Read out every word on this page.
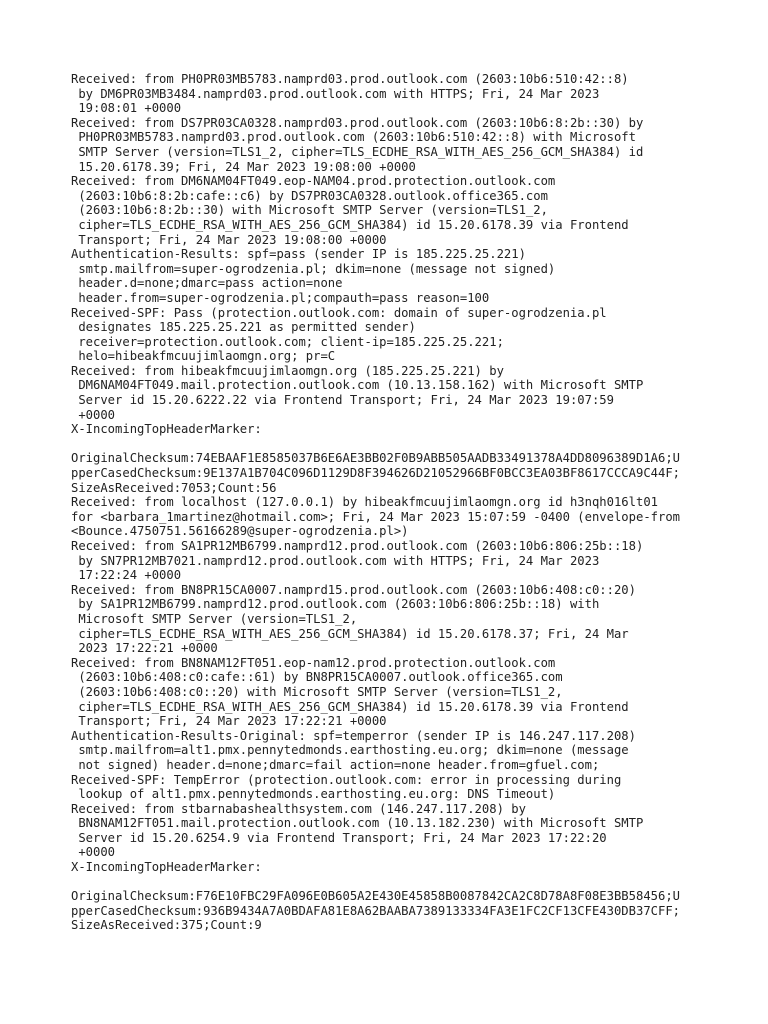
Received: from PH0PR03MB5783.namprd03.prod.outlook.com (2603:10b6:510:42::8)
by DM6PR03MB3484.namprd03.prod.outlook.com with HTTPS; Fri, 24 Mar 2023
19:08:01 +0000
Received: from DS7PR03CA0328.namprd03.prod.outlook.com (2603:10b6:8:2b::30) by
PH0PR03MB5783.namprd03.prod.outlook.com (2603:10b6:510:42::8) with Microsoft
SMTP Server (version=TLS1_2, cipher=TLS_ECDHE_RSA_WITH_AES_256_GCM_SHA384) id
15.20.6178.39; Fri, 24 Mar 2023 19:08:00 +0000
Received: from DM6NAM04FT049.eop-NAM04.prod.protection.outlook.com
(2603:10b6:8:2b:cafe::c6) by DS7PR03CA0328.outlook.office365.com
(2603:10b6:8:2b::30) with Microsoft SMTP Server (version=TLS1_2,
cipher=TLS_ECDHE_RSA_WITH_AES_256_GCM_SHA384) id 15.20.6178.39 via Frontend
Transport; Fri, 24 Mar 2023 19:08:00 +0000
Authentication-Results: spf=pass (sender IP is 185.225.25.221)
smtp.mailfrom=super-ogrodzenia.pl; dkim=none (message not signed)
header.d=none;dmarc=pass action=none
header.from=super-ogrodzenia.pl;compauth=pass reason=100
Received-SPF: Pass (protection.outlook.com: domain of super-ogrodzenia.pl
designates 185.225.25.221 as permitted sender)
receiver=protection.outlook.com; client-ip=185.225.25.221;
helo=hibeakfmcuujimlaomgn.org; pr=C
Received: from hibeakfmcuujimlaomgn.org (185.225.25.221) by
DM6NAM04FT049.mail.protection.outlook.com (10.13.158.162) with Microsoft SMTP
Server id 15.20.6222.22 via Frontend Transport; Fri, 24 Mar 2023 19:07:59
+0000
X-IncomingTopHeaderMarker:
OriginalChecksum:74EBAAF1E8585037B6E6AE3BB02F0B9ABB505AADB33491378A4DD8096389D1A6;U
pperCasedChecksum:9E137A1B704C096D1129D8F394626D21052966BF0BCC3EA03BF8617CCCA9C44F;
SizeAsReceived:7053;Count:56
Received: from localhost (127.0.0.1) by hibeakfmcuujimlaomgn.org id h3nqh016lt01
for <barbara_1martinez@hotmail.com>; Fri, 24 Mar 2023 15:07:59 -0400 (envelope-from
<Bounce.4750751.56166289@super-ogrodzenia.pl>)
Received: from SA1PR12MB6799.namprd12.prod.outlook.com (2603:10b6:806:25b::18)
by SN7PR12MB7021.namprd12.prod.outlook.com with HTTPS; Fri, 24 Mar 2023
17:22:24 +0000
Received: from BN8PR15CA0007.namprd15.prod.outlook.com (2603:10b6:408:c0::20)
by SA1PR12MB6799.namprd12.prod.outlook.com (2603:10b6:806:25b::18) with
Microsoft SMTP Server (version=TLS1_2,
cipher=TLS_ECDHE_RSA_WITH_AES_256_GCM_SHA384) id 15.20.6178.37; Fri, 24 Mar
2023 17:22:21 +0000
Received: from BN8NAM12FT051.eop-nam12.prod.protection.outlook.com
(2603:10b6:408:c0:cafe::61) by BN8PR15CA0007.outlook.office365.com
(2603:10b6:408:c0::20) with Microsoft SMTP Server (version=TLS1_2,
cipher=TLS_ECDHE_RSA_WITH_AES_256_GCM_SHA384) id 15.20.6178.39 via Frontend
Transport; Fri, 24 Mar 2023 17:22:21 +0000
Authentication-Results-Original: spf=temperror (sender IP is 146.247.117.208)
smtp.mailfrom=alt1.pmx.pennytedmonds.earthosting.eu.org; dkim=none (message
not signed) header.d=none;dmarc=fail action=none header.from=gfuel.com;
Received-SPF: TempError (protection.outlook.com: error in processing during
lookup of alt1.pmx.pennytedmonds.earthosting.eu.org: DNS Timeout)
Received: from stbarnabashealthsystem.com (146.247.117.208) by
BN8NAM12FT051.mail.protection.outlook.com (10.13.182.230) with Microsoft SMTP
Server id 15.20.6254.9 via Frontend Transport; Fri, 24 Mar 2023 17:22:20
+0000
X-IncomingTopHeaderMarker:
OriginalChecksum:F76E10FBC29FA096E0B605A2E430E45858B0087842CA2C8D78A8F08E3BB58456;U
pperCasedChecksum:936B9434A7A0BDAFA81E8A62BAABA7389133334FA3E1FC2CF13CFE430DB37CFF;
SizeAsReceived:375;Count:9
